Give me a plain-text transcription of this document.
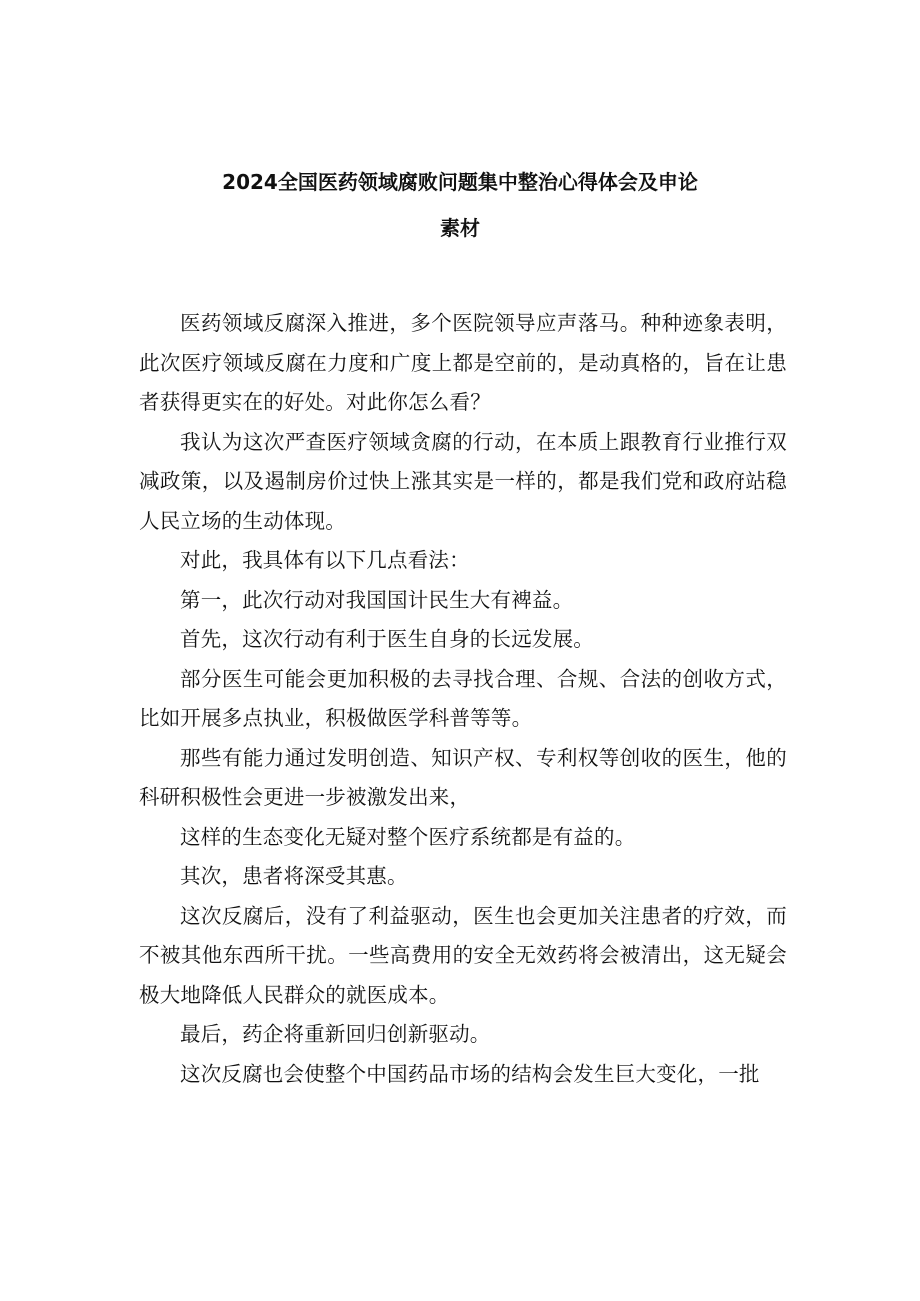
2024全国医药领域腐败问题集中整治心得体会及申论
素材

医药领域反腐深入推进，多个医院领导应声落马。种种迹象表明，此次医疗领域反腐在力度和广度上都是空前的，是动真格的，旨在让患者获得更实在的好处。对此你怎么看？

我认为这次严查医疗领域贪腐的行动，在本质上跟教育行业推行双减政策，以及遏制房价过快上涨其实是一样的，都是我们党和政府站稳人民立场的生动体现。

对此，我具体有以下几点看法：

第一，此次行动对我国国计民生大有裨益。

首先，这次行动有利于医生自身的长远发展。

部分医生可能会更加积极的去寻找合理、合规、合法的创收方式，比如开展多点执业，积极做医学科普等等。

那些有能力通过发明创造、知识产权、专利权等创收的医生，他的科研积极性会更进一步被激发出来，

这样的生态变化无疑对整个医疗系统都是有益的。

其次，患者将深受其惠。

这次反腐后，没有了利益驱动，医生也会更加关注患者的疗效，而不被其他东西所干扰。一些高费用的安全无效药将会被清出，这无疑会极大地降低人民群众的就医成本。

最后，药企将重新回归创新驱动。

这次反腐也会使整个中国药品市场的结构会发生巨大变化，一批
